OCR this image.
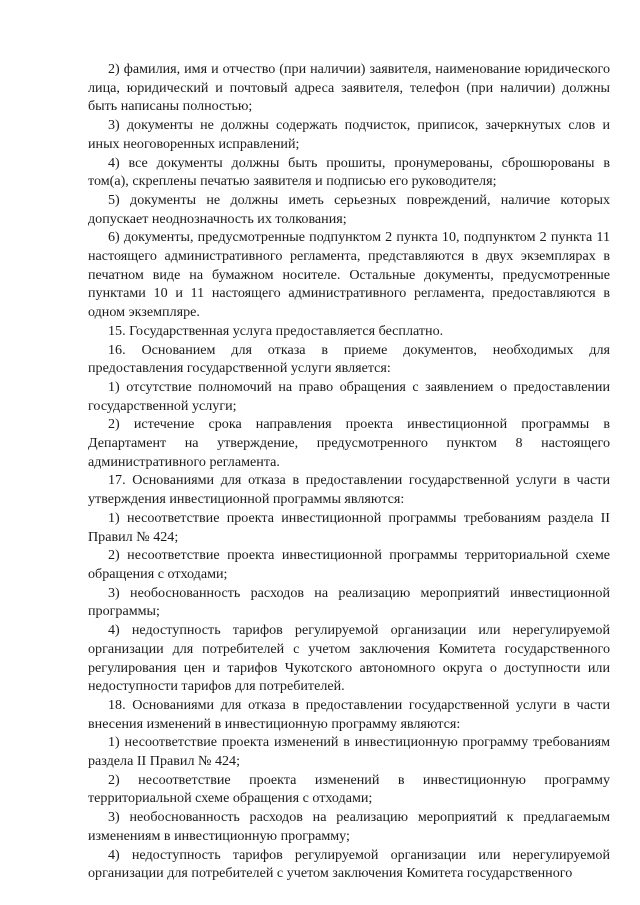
2) фамилия, имя и отчество (при наличии) заявителя, наименование юридического лица, юридический и почтовый адреса заявителя, телефон (при наличии) должны быть написаны полностью;

3) документы не должны содержать подчисток, приписок, зачеркнутых слов и иных неоговоренных исправлений;

4) все документы должны быть прошиты, пронумерованы, сброшюрованы в том(а), скреплены печатью заявителя и подписью его руководителя;

5) документы не должны иметь серьезных повреждений, наличие которых допускает неоднозначность их толкования;

6) документы, предусмотренные подпунктом 2 пункта 10, подпунктом 2 пункта 11 настоящего административного регламента, представляются в двух экземплярах в печатном виде на бумажном носителе. Остальные документы, предусмотренные пунктами 10 и 11 настоящего административного регламента, предоставляются в одном экземпляре.

15. Государственная услуга предоставляется бесплатно.

16. Основанием для отказа в приеме документов, необходимых для предоставления государственной услуги является:

1) отсутствие полномочий на право обращения с заявлением о предоставлении государственной услуги;

2) истечение срока направления проекта инвестиционной программы в Департамент на утверждение, предусмотренного пунктом 8 настоящего административного регламента.

17. Основаниями для отказа в предоставлении государственной услуги в части утверждения инвестиционной программы являются:

1) несоответствие проекта инвестиционной программы требованиям раздела II Правил № 424;

2) несоответствие проекта инвестиционной программы территориальной схеме обращения с отходами;

3) необоснованность расходов на реализацию мероприятий инвестиционной программы;

4) недоступность тарифов регулируемой организации или нерегулируемой организации для потребителей с учетом заключения Комитета государственного регулирования цен и тарифов Чукотского автономного округа о доступности или недоступности тарифов для потребителей.

18. Основаниями для отказа в предоставлении государственной услуги в части внесения изменений в инвестиционную программу являются:

1) несоответствие проекта изменений в инвестиционную программу требованиям раздела II Правил № 424;

2) несоответствие проекта изменений в инвестиционную программу территориальной схеме обращения с отходами;

3) необоснованность расходов на реализацию мероприятий к предлагаемым изменениям в инвестиционную программу;

4) недоступность тарифов регулируемой организации или нерегулируемой организации для потребителей с учетом заключения Комитета государственного
